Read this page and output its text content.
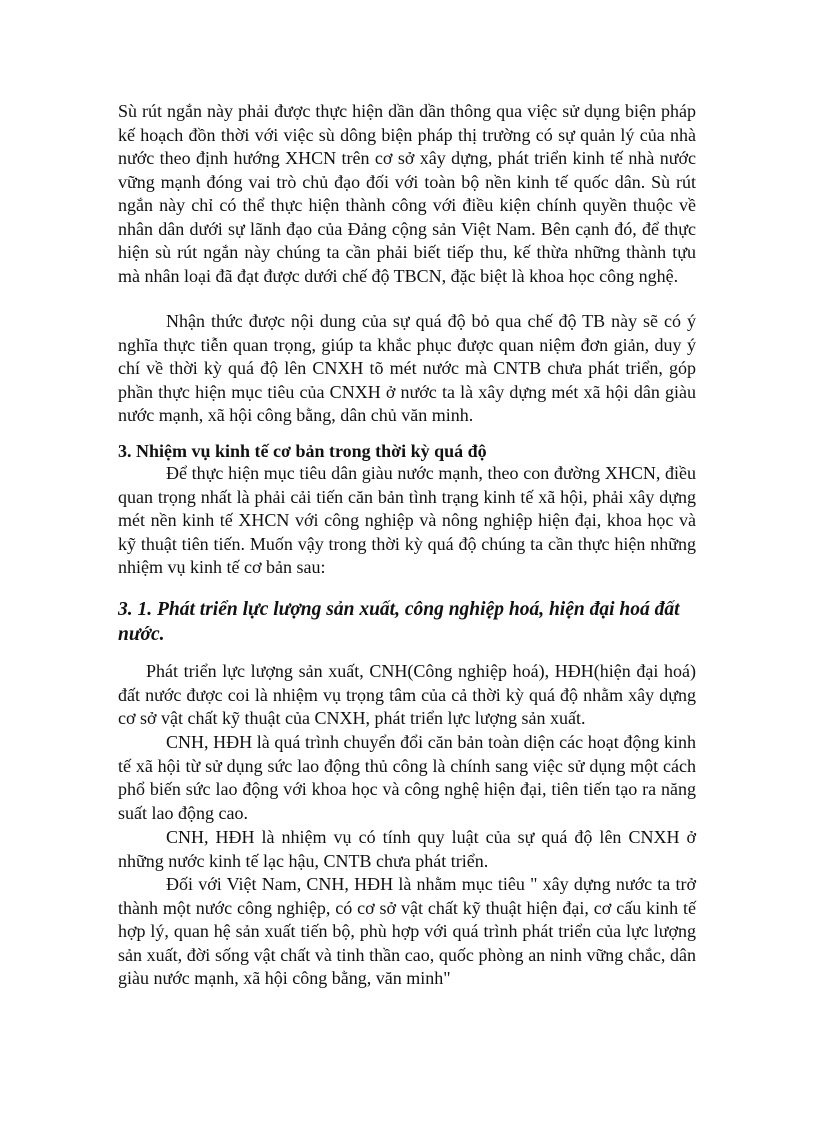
Sù rút ngắn này phải được thực hiện dần dần thông qua việc sử dụng biện pháp kế hoạch đồn thời với việc sù dông biện pháp thị trường có sự quản lý của nhà nước theo định hướng XHCN trên cơ sở xây dựng, phát triển kinh tế nhà nước vững mạnh đóng vai trò chủ đạo đối với toàn bộ nền kinh tế quốc dân. Sù rút ngắn này chỉ có thể thực hiện thành công với điều kiện chính quyền thuộc về nhân dân dưới sự lãnh đạo của Đảng cộng sản Việt Nam. Bên cạnh đó, để thực hiện sù rút ngắn này chúng ta cần phải biết tiếp thu, kế thừa những thành tựu mà nhân loại đã đạt được dưới chế độ TBCN, đặc biệt là khoa học công nghệ.

Nhận thức được nội dung của sự quá độ bỏ qua chế độ TB này sẽ có ý nghĩa thực tiễn quan trọng, giúp ta khắc phục được quan niệm đơn giản, duy ý chí về thời kỳ quá độ lên CNXH tõ mét nước mà CNTB chưa phát triển, góp phần thực hiện mục tiêu của CNXH ở nước ta là xây dựng mét xã hội dân giàu nước mạnh, xã hội công bằng, dân chủ văn minh.

3. Nhiệm vụ kinh tế cơ bản trong thời kỳ quá độ

Để thực hiện mục tiêu dân giàu nước mạnh, theo con đường XHCN, điều quan trọng nhất là phải cải tiến căn bản tình trạng kinh tế xã hội, phải xây dựng mét nền kinh tế XHCN với công nghiệp và nông nghiệp hiện đại, khoa học và kỹ thuật tiên tiến. Muốn vậy trong thời kỳ quá độ chúng ta cần thực hiện những nhiệm vụ kinh tế cơ bản sau:

3. 1. Phát triển lực lượng sản xuất, công nghiệp hoá, hiện đại hoá đất nước.

Phát triển lực lượng sản xuất, CNH(Công nghiệp hoá), HĐH(hiện đại hoá) đất nước được coi là nhiệm vụ trọng tâm của cả thời kỳ quá độ nhằm xây dựng cơ sở vật chất kỹ thuật của CNXH, phát triển lực lượng sản xuất.

CNH, HĐH là quá trình chuyển đổi căn bản toàn diện các hoạt động kinh tế xã hội từ sử dụng sức lao động thủ công là chính sang việc sử dụng một cách phổ biến sức lao động với khoa học và công nghệ hiện đại, tiên tiến tạo ra năng suất lao động cao.

CNH, HĐH là nhiệm vụ có tính quy luật của sự quá độ lên CNXH ở những nước kinh tế lạc hậu, CNTB chưa phát triển.

Đối với Việt Nam, CNH, HĐH là nhằm mục tiêu " xây dựng nước ta trở thành một nước công nghiệp, có cơ sở vật chất kỹ thuật hiện đại, cơ cấu kinh tế hợp lý, quan hệ sản xuất tiến bộ, phù hợp với quá trình phát triển của lực lượng sản xuất, đời sống vật chất và tinh thần cao, quốc phòng an ninh vững chắc, dân giàu nước mạnh, xã hội công bằng, văn minh"
